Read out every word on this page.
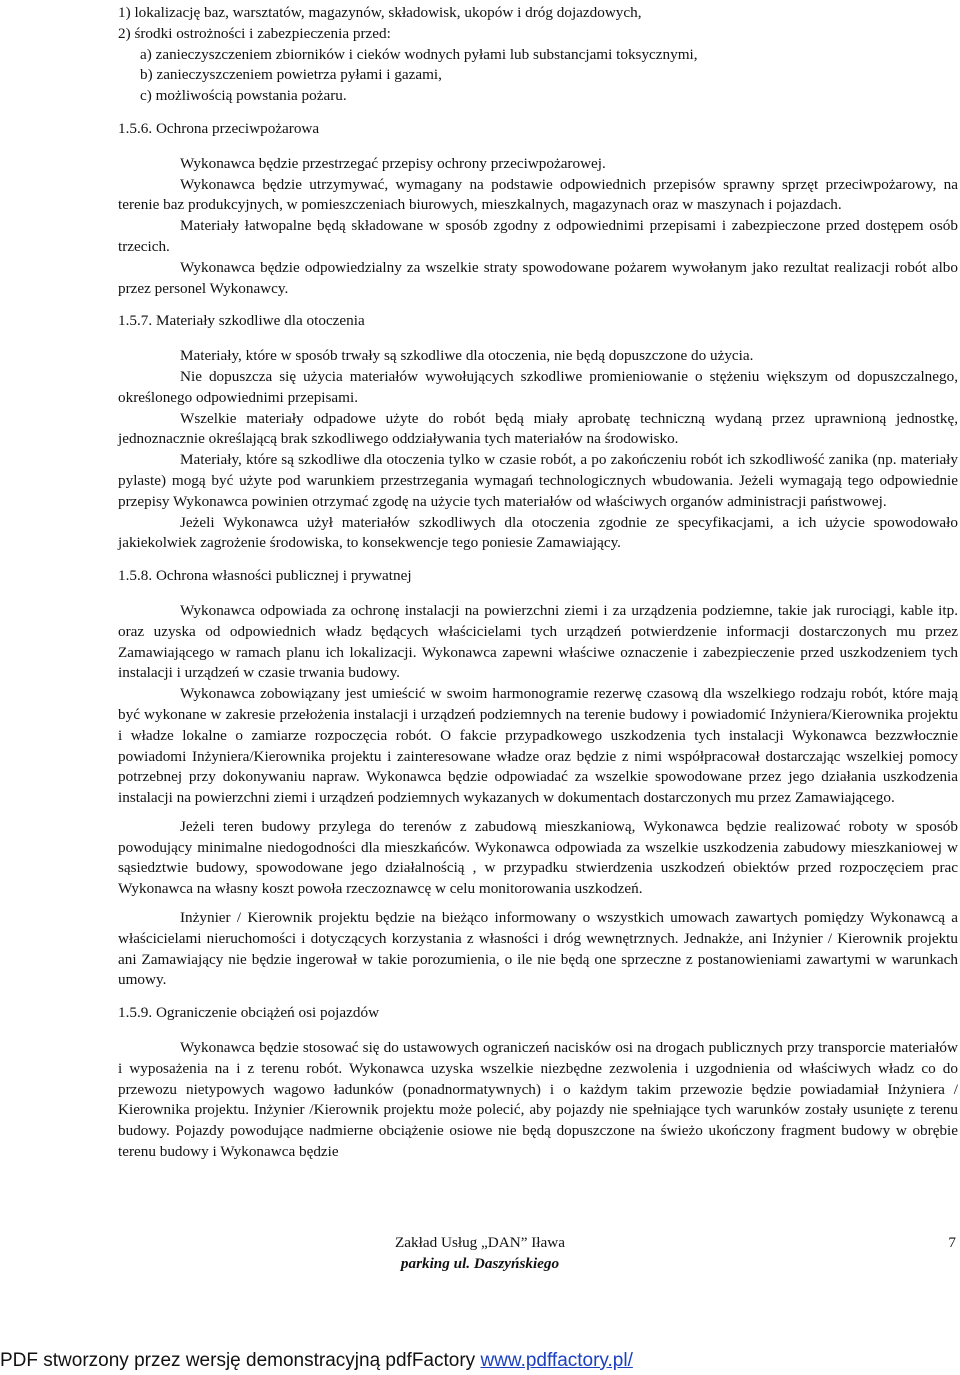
1) lokalizację baz, warsztatów, magazynów, składowisk, ukopów i dróg dojazdowych,
2) środki ostrożności i zabezpieczenia przed:
a) zanieczyszczeniem zbiorników i cieków wodnych pyłami lub substancjami toksycznymi,
b) zanieczyszczeniem powietrza pyłami i gazami,
c) możliwością powstania pożaru.
1.5.6. Ochrona przeciwpożarowa

Wykonawca będzie przestrzegać przepisy ochrony przeciwpożarowej.

Wykonawca będzie utrzymywać, wymagany na podstawie odpowiednich przepisów sprawny sprzęt przeciwpożarowy, na terenie baz produkcyjnych, w pomieszczeniach biurowych, mieszkalnych, magazynach oraz w maszynach i pojazdach.

Materiały łatwopalne będą składowane w sposób zgodny z odpowiednimi przepisami i zabezpieczone przed dostępem osób trzecich.

Wykonawca będzie odpowiedzialny za wszelkie straty spowodowane pożarem wywołanym jako rezultat realizacji robót albo przez personel Wykonawcy.

1.5.7. Materiały szkodliwe dla otoczenia

Materiały, które w sposób trwały są szkodliwe dla otoczenia, nie będą dopuszczone do użycia.

Nie dopuszcza się użycia materiałów wywołujących szkodliwe promieniowanie o stężeniu większym od dopuszczalnego, określonego odpowiednimi przepisami.

Wszelkie materiały odpadowe użyte do robót będą miały aprobatę techniczną wydaną przez uprawnioną jednostkę, jednoznacznie określającą brak szkodliwego oddziaływania tych materiałów na środowisko.

Materiały, które są szkodliwe dla otoczenia tylko w czasie robót, a po zakończeniu robót ich szkodliwość zanika (np. materiały pylaste) mogą być użyte pod warunkiem przestrzegania wymagań technologicznych wbudowania. Jeżeli wymagają tego odpowiednie przepisy Wykonawca powinien otrzymać zgodę na użycie tych materiałów od właściwych organów administracji państwowej.

Jeżeli Wykonawca użył materiałów szkodliwych dla otoczenia zgodnie ze specyfikacjami, a ich użycie spowodowało jakiekolwiek zagrożenie środowiska, to konsekwencje tego poniesie Zamawiający.

1.5.8. Ochrona własności publicznej i prywatnej

Wykonawca odpowiada za ochronę instalacji na powierzchni ziemi i za urządzenia podziemne, takie jak rurociągi, kable itp. oraz uzyska od odpowiednich władz będących właścicielami tych urządzeń potwierdzenie informacji dostarczonych mu przez Zamawiającego w ramach planu ich lokalizacji. Wykonawca zapewni właściwe oznaczenie i zabezpieczenie przed uszkodzeniem tych instalacji i urządzeń w czasie trwania budowy.

Wykonawca zobowiązany jest umieścić w swoim harmonogramie rezerwę czasową dla wszelkiego rodzaju robót, które mają być wykonane w zakresie przełożenia instalacji i urządzeń podziemnych na terenie budowy i powiadomić Inżyniera/Kierownika projektu i władze lokalne o zamiarze rozpoczęcia robót. O fakcie przypadkowego uszkodzenia tych instalacji Wykonawca bezzwłocznie powiadomi Inżyniera/Kierownika projektu i zainteresowane władze oraz będzie z nimi współpracował dostarczając wszelkiej pomocy potrzebnej przy dokonywaniu napraw. Wykonawca będzie odpowiadać za wszelkie spowodowane przez jego działania uszkodzenia instalacji na powierzchni ziemi i urządzeń podziemnych wykazanych w dokumentach dostarczonych mu przez Zamawiającego.

Jeżeli teren budowy przylega do terenów z zabudową mieszkaniową, Wykonawca będzie realizować roboty w sposób powodujący minimalne niedogodności dla mieszkańców. Wykonawca odpowiada za wszelkie uszkodzenia zabudowy mieszkaniowej w sąsiedztwie budowy, spowodowane jego działalnością , w przypadku stwierdzenia uszkodzeń obiektów przed rozpoczęciem prac Wykonawca na własny koszt powoła rzeczoznawcę w celu monitorowania uszkodzeń.

Inżynier / Kierownik projektu będzie na bieżąco informowany o wszystkich umowach zawartych pomiędzy Wykonawcą a właścicielami nieruchomości i dotyczących korzystania z własności i dróg wewnętrznych. Jednakże, ani Inżynier / Kierownik projektu ani Zamawiający nie będzie ingerował w takie porozumienia, o ile nie będą one sprzeczne z postanowieniami zawartymi w warunkach umowy.

1.5.9. Ograniczenie obciążeń osi pojazdów

Wykonawca będzie stosować się do ustawowych ograniczeń nacisków osi na drogach publicznych przy transporcie materiałów i wyposażenia na i z terenu robót. Wykonawca uzyska wszelkie niezbędne zezwolenia i uzgodnienia od właściwych władz co do przewozu nietypowych wagowo ładunków (ponadnormatywnych) i o każdym takim przewozie będzie powiadamiał Inżyniera / Kierownika projektu. Inżynier /Kierownik projektu może polecić, aby pojazdy nie spełniające tych warunków zostały usunięte z terenu budowy. Pojazdy powodujące nadmierne obciążenie osiowe nie będą dopuszczone na świeżo ukończony fragment budowy w obrębie terenu budowy i Wykonawca będzie

Zakład Usług „DAN” Iława
parking ul. Daszyńskiego
7
PDF stworzony przez wersję demonstracyjną pdfFactory www.pdffactory.pl/
